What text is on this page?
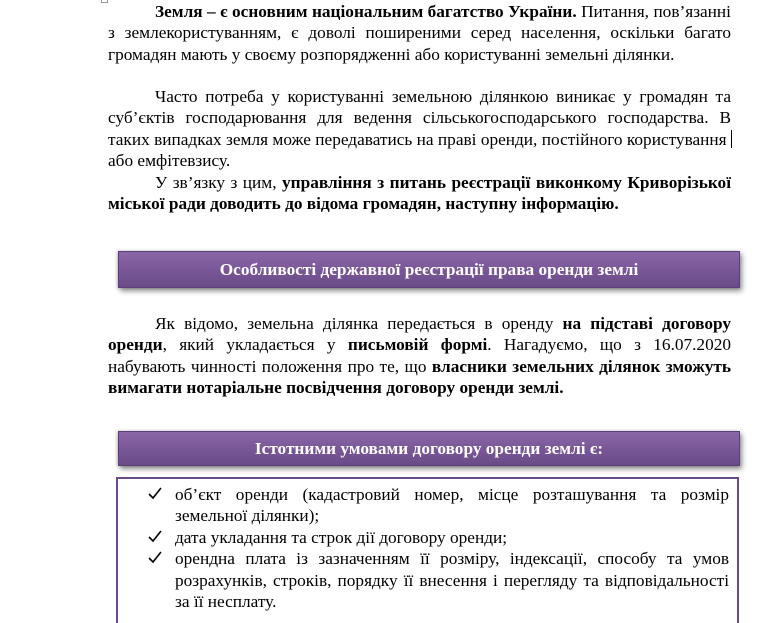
Земля – є основним національним багатство України. Питання, пов’язанні з землекористуванням, є доволі поширеними серед населення, оскільки багато громадян мають у своєму розпорядженні або користуванні земельні ділянки.

Часто потреба у користуванні земельною ділянкою виникає у громадян та суб’єктів господарювання для ведення сільськогосподарського господарства. В таких випадках земля може передаватись на праві оренди, постійного користування або емфітевзису.

У зв’язку з цим, управління з питань реєстрації виконкому Криворізької міської ради доводить до відома громадян, наступну інформацію.

Як відомо, земельна ділянка передається в оренду на підставі договору оренди, який укладається у письмовій формі. Нагадуємо, що з 16.07.2020 набувають чинності положення про те, що власники земельних ділянок зможуть вимагати нотаріальне посвідчення договору оренди землі.

Особливості державної реєстрації права оренди землі
Істотними умовами договору оренди землі є:
об’єкт оренди (кадастровий номер, місце розташування та розмір земельної ділянки);
дата укладання та строк дії договору оренди;
орендна плата із зазначенням її розміру, індексації, способу та умов розрахунків, строків, порядку її внесення і перегляду та відповідальності за її несплату.
